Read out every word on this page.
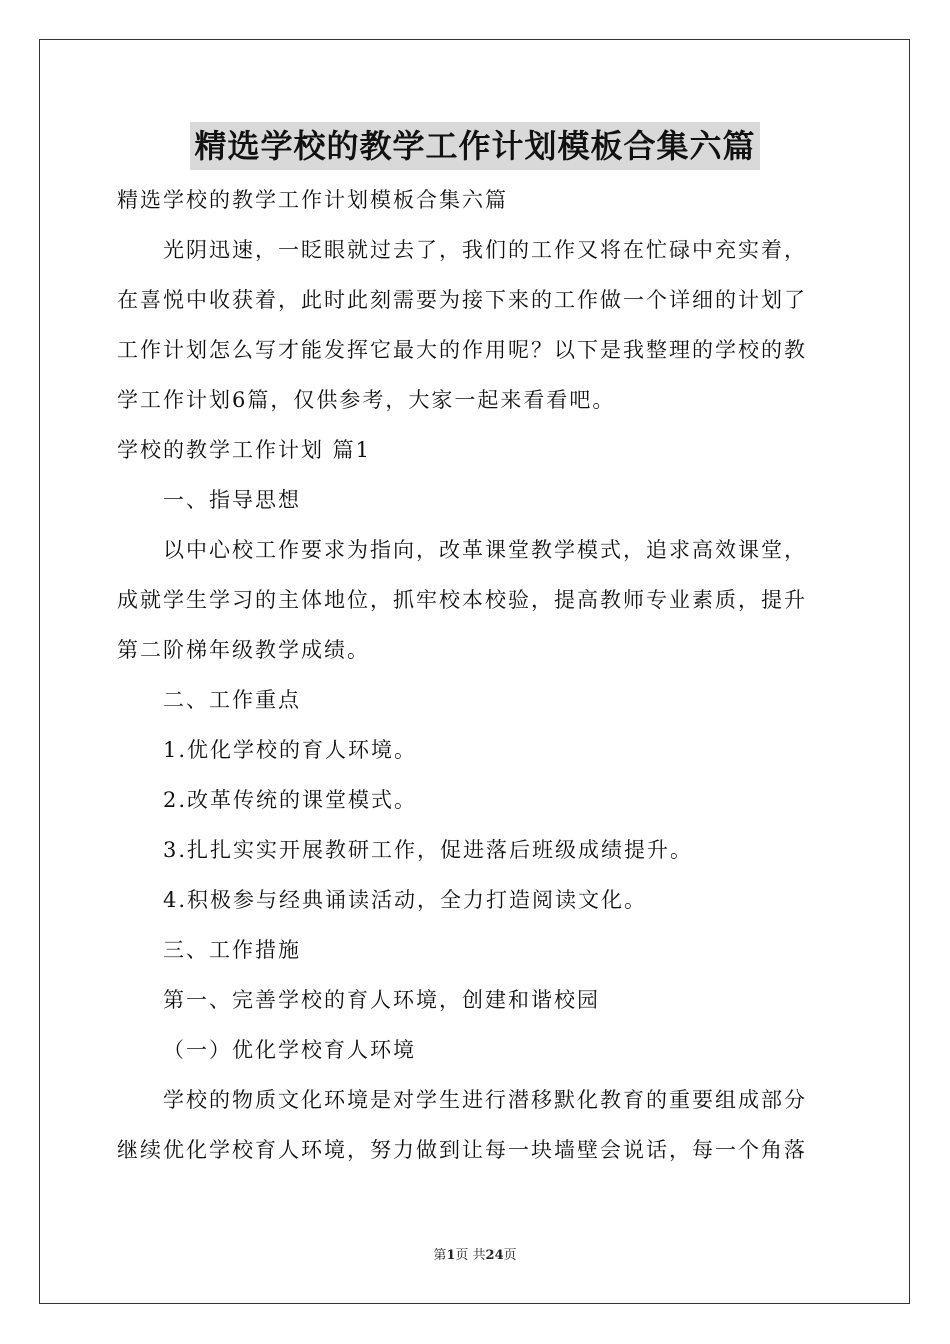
精选学校的教学工作计划模板合集六篇
精选学校的教学工作计划模板合集六篇
光阴迅速，一眨眼就过去了，我们的工作又将在忙碌中充实着，
在喜悦中收获着，此时此刻需要为接下来的工作做一个详细的计划了
工作计划怎么写才能发挥它最大的作用呢？以下是我整理的学校的教
学工作计划6篇，仅供参考，大家一起来看看吧。
学校的教学工作计划 篇1
一、指导思想
以中心校工作要求为指向，改革课堂教学模式，追求高效课堂，
成就学生学习的主体地位，抓牢校本校验，提高教师专业素质，提升
第二阶梯年级教学成绩。
二、工作重点
1.优化学校的育人环境。
2.改革传统的课堂模式。
3.扎扎实实开展教研工作，促进落后班级成绩提升。
4.积极参与经典诵读活动，全力打造阅读文化。
三、工作措施
第一、完善学校的育人环境，创建和谐校园
（一）优化学校育人环境
学校的物质文化环境是对学生进行潜移默化教育的重要组成部分
继续优化学校育人环境，努力做到让每一块墙壁会说话，每一个角落
第1页 共24页
